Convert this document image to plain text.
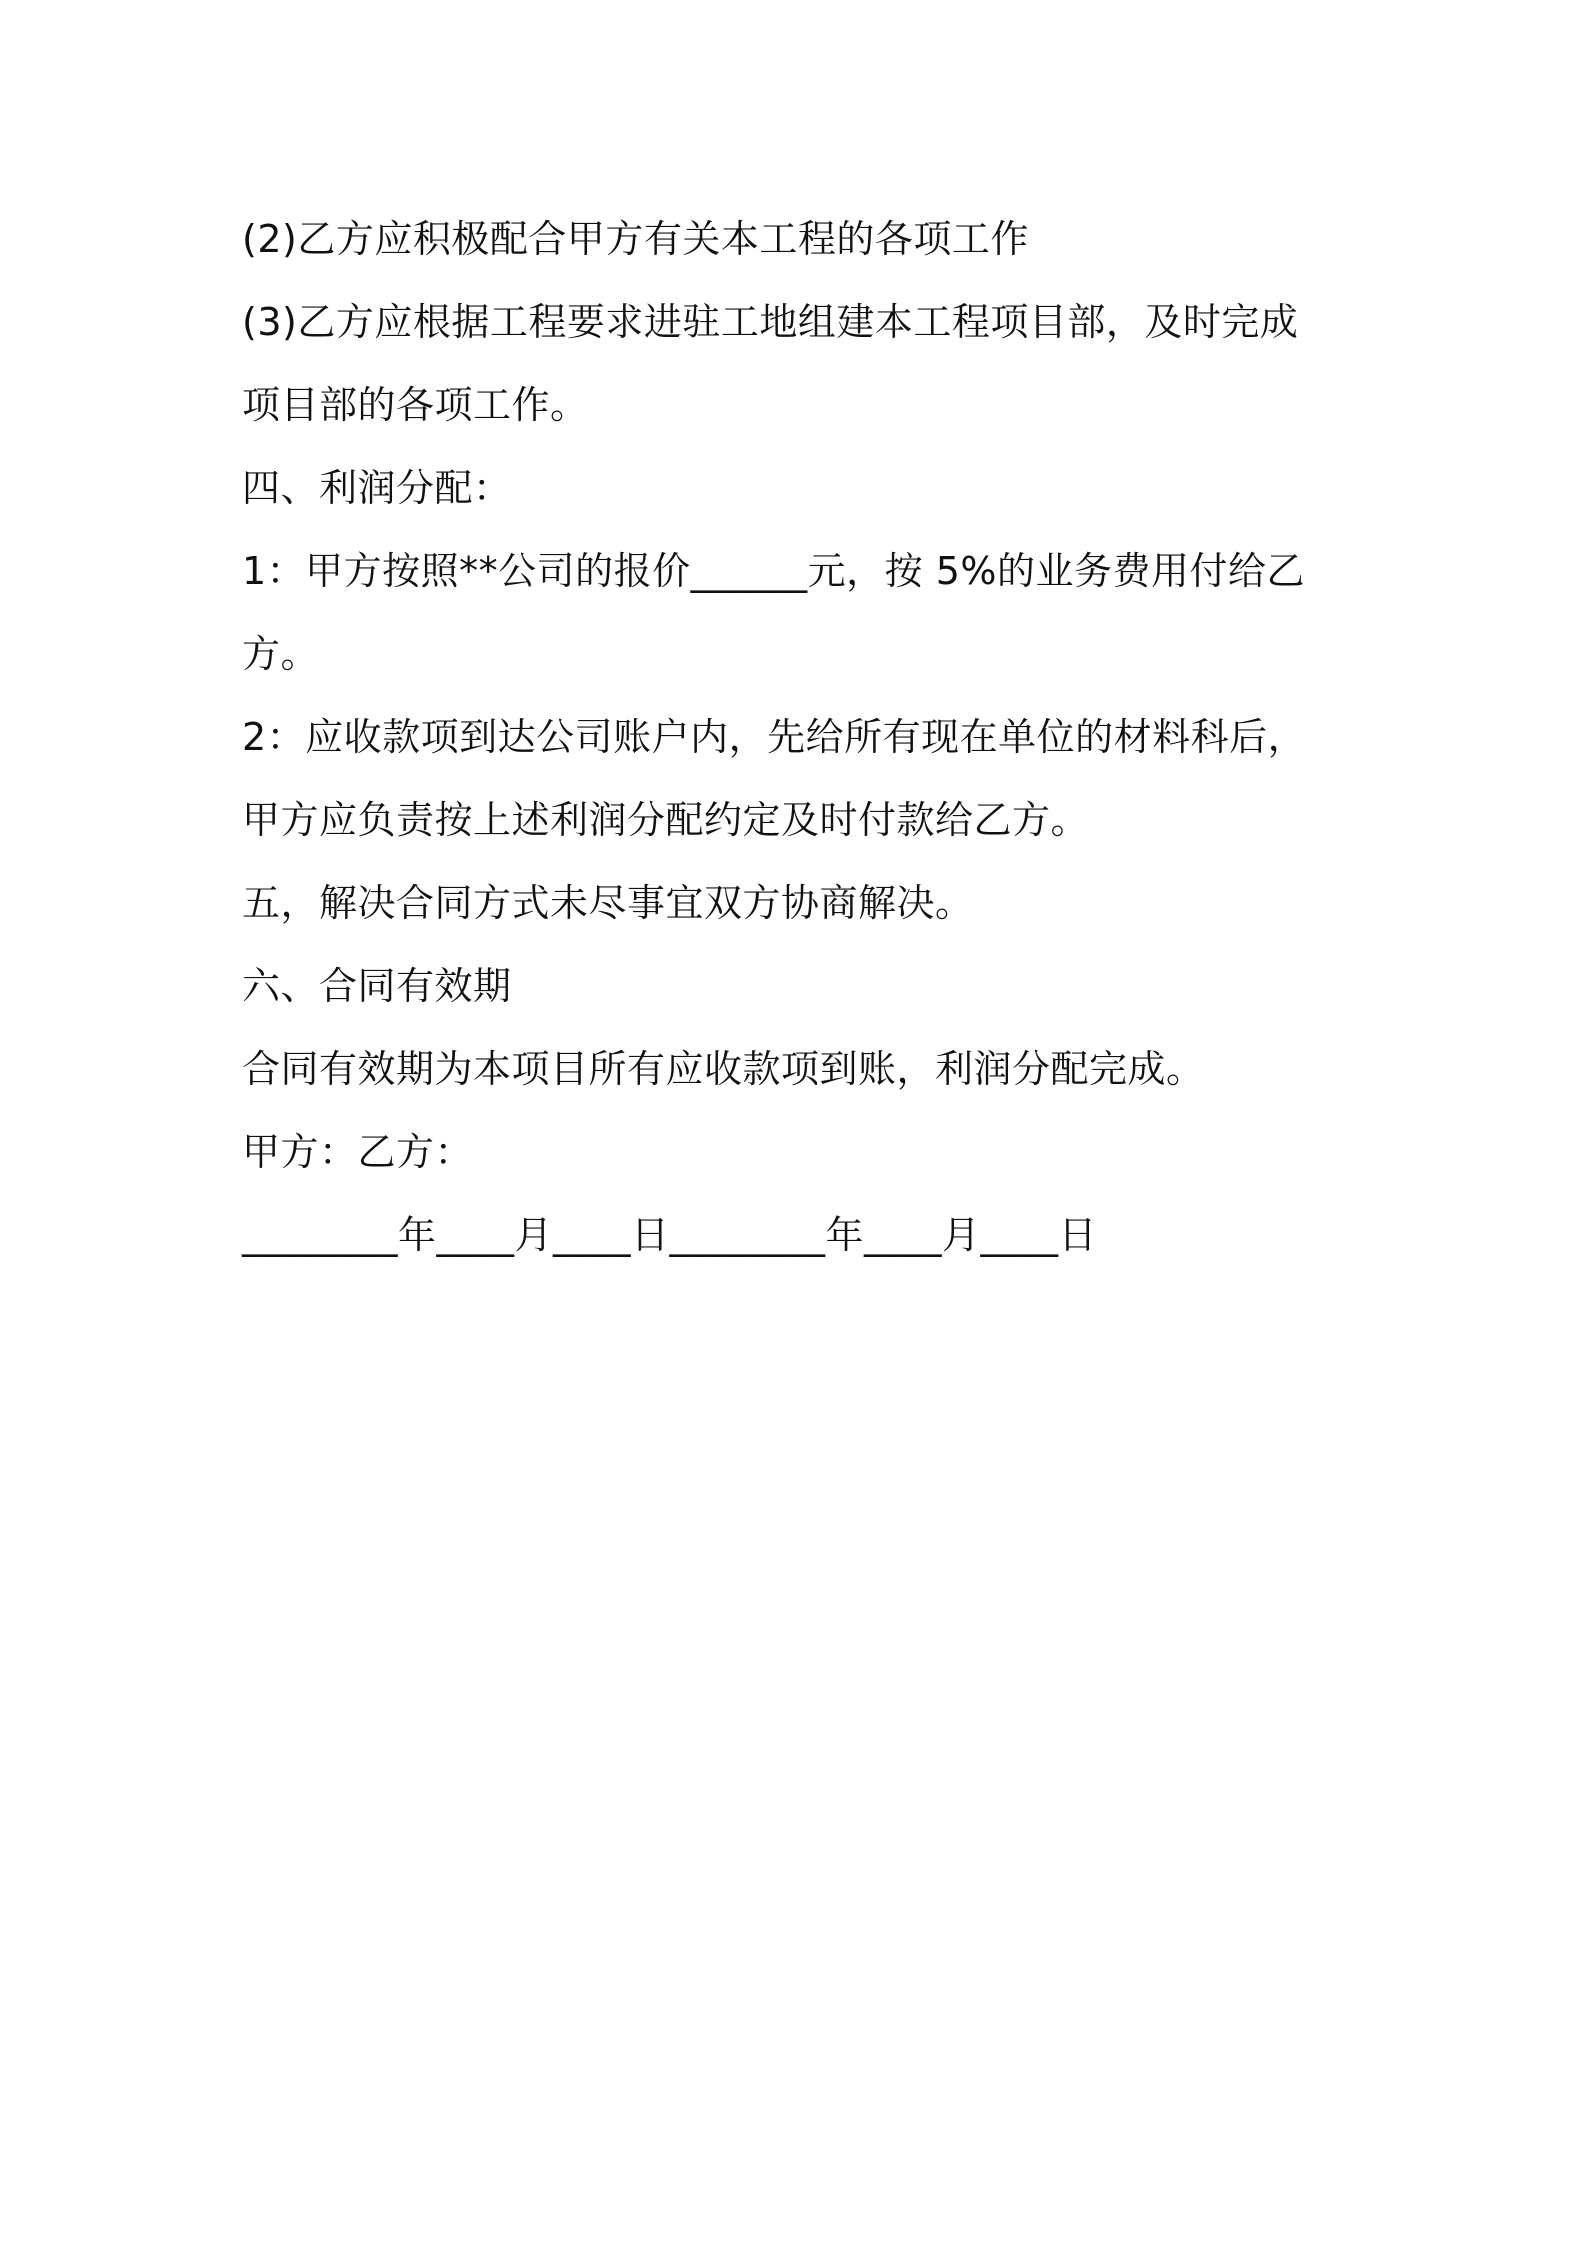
(2)乙方应积极配合甲方有关本工程的各项工作
(3)乙方应根据工程要求进驻工地组建本工程项目部，及时完成
项目部的各项工作。
四、利润分配：
1：甲方按照**公司的报价______元，按 5%的业务费用付给乙
方。
2：应收款项到达公司账户内，先给所有现在单位的材料科后，
甲方应负责按上述利润分配约定及时付款给乙方。
五，解决合同方式未尽事宜双方协商解决。
六、合同有效期
合同有效期为本项目所有应收款项到账，利润分配完成。
甲方：乙方：
________年____月____日________年____月____日
